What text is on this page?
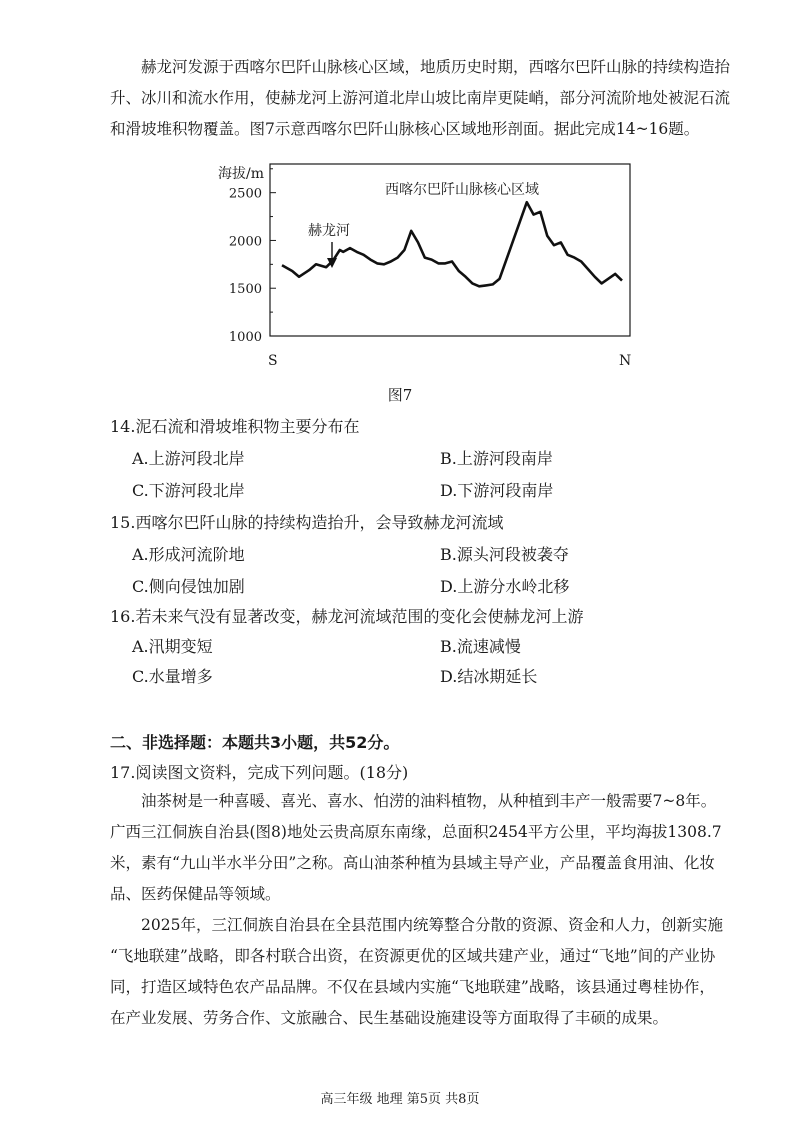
赫龙河发源于西喀尔巴阡山脉核心区域，地质历史时期，西喀尔巴阡山脉的持续构造抬
升、冰川和流水作用，使赫龙河上游河道北岸山坡比南岸更陡峭，部分河流阶地处被泥石流
和滑坡堆积物覆盖。图7示意西喀尔巴阡山脉核心区域地形剖面。据此完成14~16题。

海拔/m
西喀尔巴阡山脉核心区域
2500
2000
1500
1000
赫龙河
S	N
图7

14.泥石流和滑坡堆积物主要分布在

A.上游河段北岸	B.上游河段南岸
C.下游河段北岸	D.下游河段南岸

15.西喀尔巴阡山脉的持续构造抬升，会导致赫龙河流域

A.形成河流阶地	B.源头河段被袭夺
C.侧向侵蚀加剧	D.上游分水岭北移

16.若未来气没有显著改变，赫龙河流域范围的变化会使赫龙河上游

A.汛期变短	B.流速减慢
C.水量增多	D.结冰期延长
二、非选择题：本题共3小题，共52分。

17.阅读图文资料，完成下列问题。(18分)

油茶树是一种喜暖、喜光、喜水、怕涝的油料植物，从种植到丰产一般需要7~8年。
广西三江侗族自治县(图8)地处云贵高原东南缘，总面积2454平方公里，平均海拔1308.7
米，素有“九山半水半分田”之称。高山油茶种植为县域主导产业，产品覆盖食用油、化妆
品、医药保健品等领域。

2025年，三江侗族自治县在全县范围内统筹整合分散的资源、资金和人力，创新实施
“飞地联建”战略，即各村联合出资，在资源更优的区域共建产业，通过“飞地”间的产业协
同，打造区域特色农产品品牌。不仅在县域内实施“飞地联建”战略，该县通过粤桂协作，
在产业发展、劳务合作、文旅融合、民生基础设施建设等方面取得了丰硕的成果。

高三年级 地理 第5页 共8页
